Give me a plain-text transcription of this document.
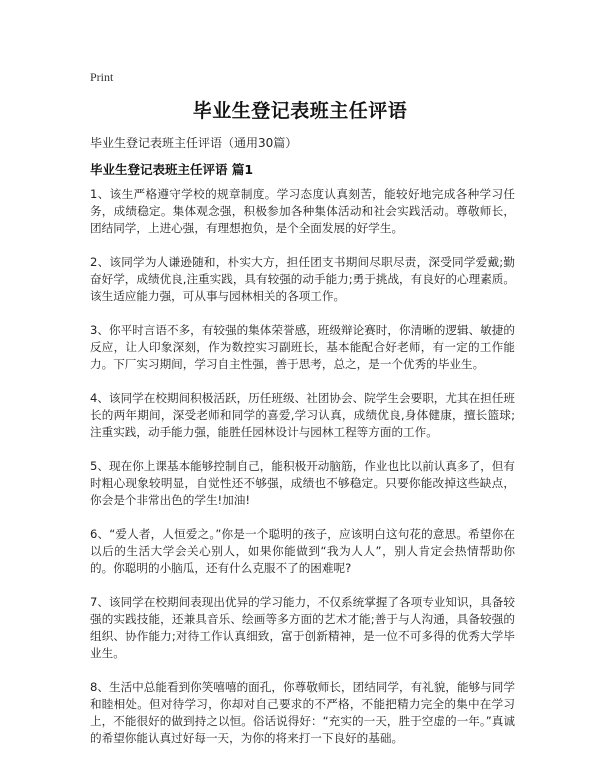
Print
毕业生登记表班主任评语
毕业生登记表班主任评语（通用30篇）
毕业生登记表班主任评语 篇1

1、该生严格遵守学校的规章制度。学习态度认真刻苦，能较好地完成各种学习任务，成绩稳定。集体观念强，积极参加各种集体活动和社会实践活动。尊敬师长，团结同学，上进心强，有理想抱负，是个全面发展的好学生。

2、该同学为人谦逊随和，朴实大方，担任团支书期间尽职尽责，深受同学爱戴;勤奋好学，成绩优良,注重实践，具有较强的动手能力;勇于挑战，有良好的心理素质。该生适应能力强，可从事与园林相关的各项工作。

3、你平时言语不多，有较强的集体荣誉感，班级辩论赛时，你清晰的逻辑、敏捷的反应，让人印象深刻，作为数控实习副班长，基本能配合好老师，有一定的工作能力。下厂实习期间，学习自主性强，善于思考，总之，是一个优秀的毕业生。

4、该同学在校期间积极活跃，历任班级、社团协会、院学生会要职，尤其在担任班长的两年期间，深受老师和同学的喜爱,学习认真，成绩优良,身体健康，擅长篮球;注重实践，动手能力强，能胜任园林设计与园林工程等方面的工作。

5、现在你上课基本能够控制自己，能积极开动脑筋，作业也比以前认真多了，但有时粗心现象较明显，自觉性还不够强，成绩也不够稳定。只要你能改掉这些缺点，你会是个非常出色的学生!加油!

6、“爱人者，人恒爱之。”你是一个聪明的孩子，应该明白这句花的意思。希望你在以后的生活大学会关心别人，如果你能做到“我为人人”，别人肯定会热情帮助你的。你聪明的小脑瓜，还有什么克服不了的困难呢?

7、该同学在校期间表现出优异的学习能力，不仅系统掌握了各项专业知识，具备较强的实践技能，还兼具音乐、绘画等多方面的艺术才能;善于与人沟通，具备较强的组织、协作能力;对待工作认真细致，富于创新精神，是一位不可多得的优秀大学毕业生。

8、生活中总能看到你笑嘻嘻的面孔，你尊敬师长，团结同学，有礼貌，能够与同学和睦相处。但对待学习，你却对自己要求的不严格，不能把精力完全的集中在学习上，不能很好的做到持之以恒。俗话说得好：“充实的一天，胜于空虚的一年。”真诚的希望你能认真过好每一天，为你的将来打一下良好的基础。
